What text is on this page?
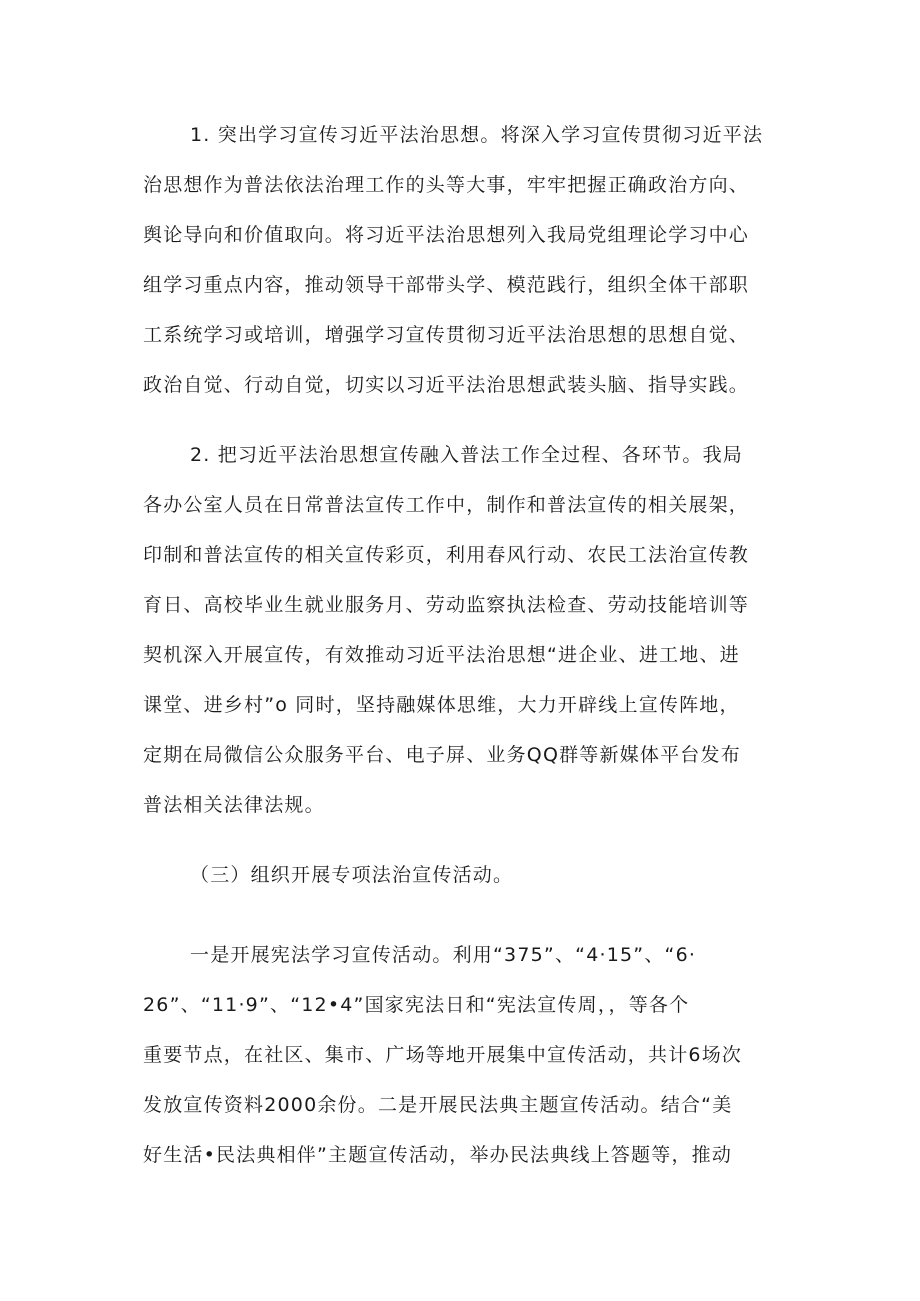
1. 突出学习宣传习近平法治思想。将深入学习宣传贯彻习近平法
治思想作为普法依法治理工作的头等大事，牢牢把握正确政治方向、
舆论导向和价值取向。将习近平法治思想列入我局党组理论学习中心
组学习重点内容，推动领导干部带头学、模范践行，组织全体干部职
工系统学习或培训，增强学习宣传贯彻习近平法治思想的思想自觉、
政治自觉、行动自觉，切实以习近平法治思想武装头脑、指导实践。
2. 把习近平法治思想宣传融入普法工作全过程、各环节。我局
各办公室人员在日常普法宣传工作中，制作和普法宣传的相关展架，
印制和普法宣传的相关宣传彩页，利用春风行动、农民工法治宣传教
育日、高校毕业生就业服务月、劳动监察执法检查、劳动技能培训等
契机深入开展宣传，有效推动习近平法治思想“进企业、进工地、进
课堂、进乡村”o 同时，坚持融媒体思维，大力开辟线上宣传阵地，
定期在局微信公众服务平台、电子屏、业务QQ群等新媒体平台发布
普法相关法律法规。
（三）组织开展专项法治宣传活动。
一是开展宪法学习宣传活动。利用“375”、“4·15”、“6·
26”、“11·9”、“12•4”国家宪法日和“宪法宣传周，，等各个
重要节点，在社区、集市、广场等地开展集中宣传活动，共计6场次
发放宣传资料2000余份。二是开展民法典主题宣传活动。结合“美
好生活•民法典相伴”主题宣传活动，举办民法典线上答题等，推动
